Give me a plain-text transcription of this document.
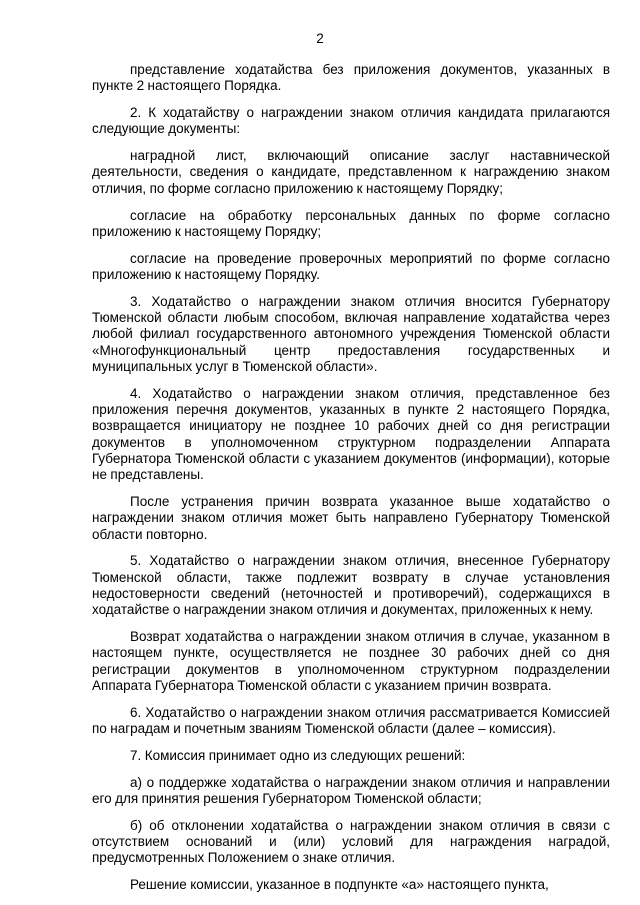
2

представление ходатайства без приложения документов, указанных в пункте 2 настоящего Порядка.

2. К ходатайству о награждении знаком отличия кандидата прилагаются следующие документы:

наградной лист, включающий описание заслуг наставнической деятельности, сведения о кандидате, представленном к награждению знаком отличия, по форме согласно приложению к настоящему Порядку;

согласие на обработку персональных данных по форме согласно приложению к настоящему Порядку;

согласие на проведение проверочных мероприятий по форме согласно приложению к настоящему Порядку.

3. Ходатайство о награждении знаком отличия вносится Губернатору Тюменской области любым способом, включая направление ходатайства через любой филиал государственного автономного учреждения Тюменской области «Многофункциональный центр предоставления государственных и муниципальных услуг в Тюменской области».

4. Ходатайство о награждении знаком отличия, представленное без приложения перечня документов, указанных в пункте 2 настоящего Порядка, возвращается инициатору не позднее 10 рабочих дней со дня регистрации документов в уполномоченном структурном подразделении Аппарата Губернатора Тюменской области с указанием документов (информации), которые не представлены.

После устранения причин возврата указанное выше ходатайство о награждении знаком отличия может быть направлено Губернатору Тюменской области повторно.

5. Ходатайство о награждении знаком отличия, внесенное Губернатору Тюменской области, также подлежит возврату в случае установления недостоверности сведений (неточностей и противоречий), содержащихся в ходатайстве о награждении знаком отличия и документах, приложенных к нему.

Возврат ходатайства о награждении знаком отличия в случае, указанном в настоящем пункте, осуществляется не позднее 30 рабочих дней со дня регистрации документов в уполномоченном структурном подразделении Аппарата Губернатора Тюменской области с указанием причин возврата.

6. Ходатайство о награждении знаком отличия рассматривается Комиссией по наградам и почетным званиям Тюменской области (далее – комиссия).

7. Комиссия принимает одно из следующих решений:

а) о поддержке ходатайства о награждении знаком отличия и направлении его для принятия решения Губернатором Тюменской области;

б) об отклонении ходатайства о награждении знаком отличия в связи с отсутствием оснований и (или) условий для награждения наградой, предусмотренных Положением о знаке отличия.

Решение комиссии, указанное в подпункте «а» настоящего пункта,
